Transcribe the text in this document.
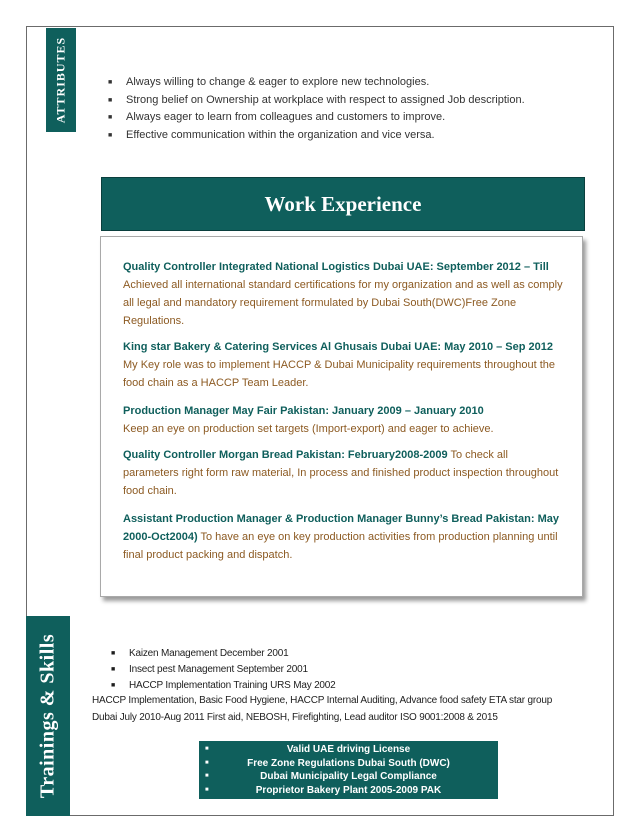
ATTRIBUTES	■ Always willing to change & eager to explore new technologies.
■ Strong belief on Ownership at workplace with respect to assigned Job description.
■ Always eager to learn from colleagues and customers to improve.
■ Effective communication within the organization and vice versa.
Work Experience
Quality Controller Integrated National Logistics Dubai UAE: September 2012 – Till
Achieved all international standard certifications for my organization and as well as comply all legal and mandatory requirement formulated by Dubai South(DWC)Free Zone Regulations.
King star Bakery & Catering Services Al Ghusais Dubai UAE: May 2010 – Sep 2012
My Key role was to implement HACCP & Dubai Municipality requirements throughout the food chain as a HACCP Team Leader.
Production Manager May Fair Pakistan: January 2009 – January 2010
Keep an eye on production set targets (Import-export) and eager to achieve.
Quality Controller Morgan Bread Pakistan: February2008-2009 To check all parameters right form raw material, In process and finished product inspection throughout food chain.
Assistant Production Manager & Production Manager Bunny’s Bread Pakistan: May 2000-Oct2004) To have an eye on key production activities from production planning until final product packing and dispatch.
Trainings & Skills	■ Kaizen Management December 2001
■ Insect pest Management September 2001
■ HACCP Implementation Training URS May 2002
HACCP Implementation, Basic Food Hygiene, HACCP Internal Auditing, Advance food safety ETA star group Dubai July 2010-Aug 2011 First aid, NEBOSH, Firefighting, Lead auditor ISO 9001:2008 & 2015
■	Valid UAE driving License
■	Free Zone Regulations Dubai South (DWC)
■	Dubai Municipality Legal Compliance
■	Proprietor Bakery Plant 2005-2009 PAK
